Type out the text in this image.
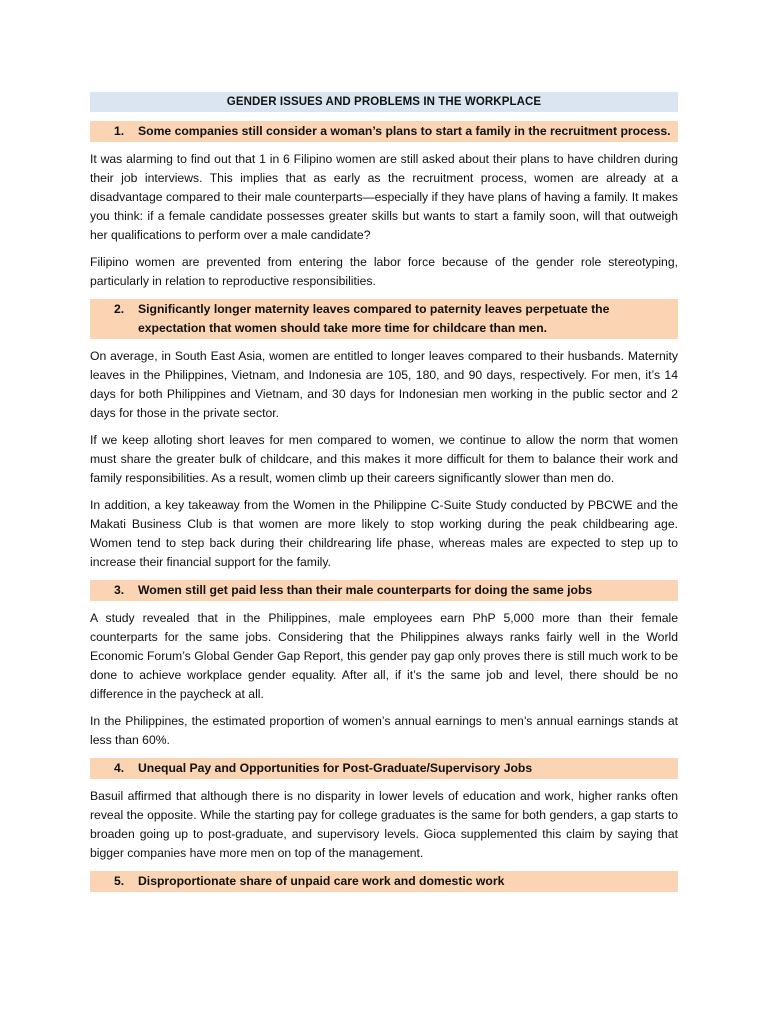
GENDER ISSUES AND PROBLEMS IN THE WORKPLACE
1. Some companies still consider a woman’s plans to start a family in the recruitment process.

It was alarming to find out that 1 in 6 Filipino women are still asked about their plans to have children during their job interviews. This implies that as early as the recruitment process, women are already at a disadvantage compared to their male counterparts—especially if they have plans of having a family. It makes you think: if a female candidate possesses greater skills but wants to start a family soon, will that outweigh her qualifications to perform over a male candidate?

Filipino women are prevented from entering the labor force because of the gender role stereotyping, particularly in relation to reproductive responsibilities.

2. Significantly longer maternity leaves compared to paternity leaves perpetuate the expectation that women should take more time for childcare than men.

On average, in South East Asia, women are entitled to longer leaves compared to their husbands. Maternity leaves in the Philippines, Vietnam, and Indonesia are 105, 180, and 90 days, respectively. For men, it’s 14 days for both Philippines and Vietnam, and 30 days for Indonesian men working in the public sector and 2 days for those in the private sector.

If we keep alloting short leaves for men compared to women, we continue to allow the norm that women must share the greater bulk of childcare, and this makes it more difficult for them to balance their work and family responsibilities. As a result, women climb up their careers significantly slower than men do.

In addition, a key takeaway from the Women in the Philippine C-Suite Study conducted by PBCWE and the Makati Business Club is that women are more likely to stop working during the peak childbearing age. Women tend to step back during their childrearing life phase, whereas males are expected to step up to increase their financial support for the family.

3. Women still get paid less than their male counterparts for doing the same jobs

A study revealed that in the Philippines, male employees earn PhP 5,000 more than their female counterparts for the same jobs. Considering that the Philippines always ranks fairly well in the World Economic Forum’s Global Gender Gap Report, this gender pay gap only proves there is still much work to be done to achieve workplace gender equality. After all, if it’s the same job and level, there should be no difference in the paycheck at all.

In the Philippines, the estimated proportion of women’s annual earnings to men’s annual earnings stands at less than 60%.

4. Unequal Pay and Opportunities for Post-Graduate/Supervisory Jobs

Basuil affirmed that although there is no disparity in lower levels of education and work, higher ranks often reveal the opposite. While the starting pay for college graduates is the same for both genders, a gap starts to broaden going up to post-graduate, and supervisory levels. Gioca supplemented this claim by saying that bigger companies have more men on top of the management.

5. Disproportionate share of unpaid care work and domestic work
